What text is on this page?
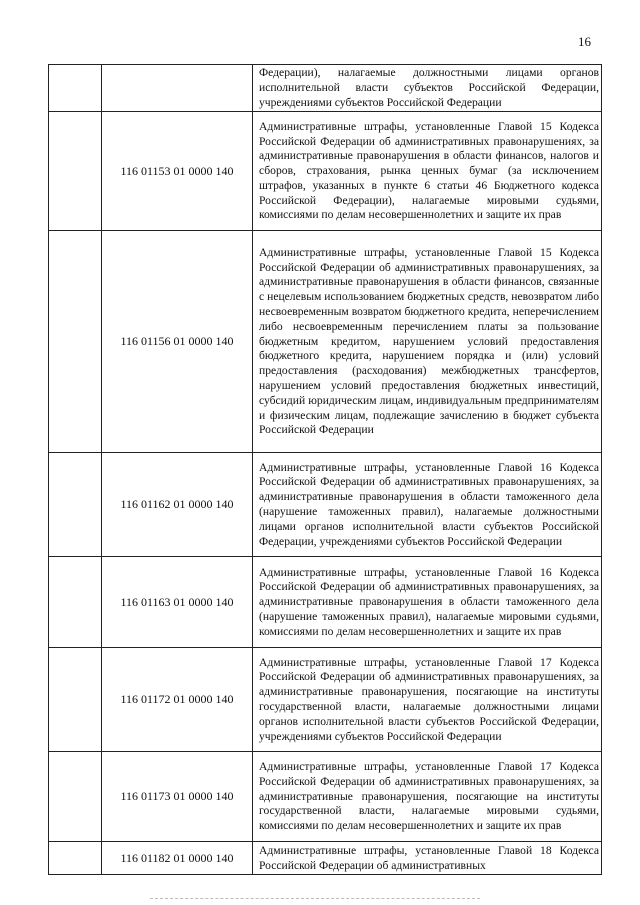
16
		Федерации), налагаемые должностными лицами органов исполнительной власти субъектов Российской Федерации, учреждениями субъектов Российской Федерации
	116 01153 01 0000 140	Административные штрафы, установленные Главой 15 Кодекса Российской Федерации об административных правонарушениях, за административные правонарушения в области финансов, налогов и сборов, страхования, рынка ценных бумаг (за исключением штрафов, указанных в пункте 6 статьи 46 Бюджетного кодекса Российской Федерации), налагаемые мировыми судьями, комиссиями по делам несовершеннолетних и защите их прав
	116 01156 01 0000 140	Административные штрафы, установленные Главой 15 Кодекса Российской Федерации об административных правонарушениях, за административные правонарушения в области финансов, связанные с нецелевым использованием бюджетных средств, невозвратом либо несвоевременным возвратом бюджетного кредита, неперечислением либо несвоевременным перечислением платы за пользование бюджетным кредитом, нарушением условий предоставления бюджетного кредита, нарушением порядка и (или) условий предоставления (расходования) межбюджетных трансфертов, нарушением условий предоставления бюджетных инвестиций, субсидий юридическим лицам, индивидуальным предпринимателям и физическим лицам, подлежащие зачислению в бюджет субъекта Российской Федерации
	116 01162 01 0000 140	Административные штрафы, установленные Главой 16 Кодекса Российской Федерации об административных правонарушениях, за административные правонарушения в области таможенного дела (нарушение таможенных правил), налагаемые должностными лицами органов исполнительной власти субъектов Российской Федерации, учреждениями субъектов Российской Федерации
	116 01163 01 0000 140	Административные штрафы, установленные Главой 16 Кодекса Российской Федерации об административных правонарушениях, за административные правонарушения в области таможенного дела (нарушение таможенных правил), налагаемые мировыми судьями, комиссиями по делам несовершеннолетних и защите их прав
	116 01172 01 0000 140	Административные штрафы, установленные Главой 17 Кодекса Российской Федерации об административных правонарушениях, за административные правонарушения, посягающие на институты государственной власти, налагаемые должностными лицами органов исполнительной власти субъектов Российской Федерации, учреждениями субъектов Российской Федерации
	116 01173 01 0000 140	Административные штрафы, установленные Главой 17 Кодекса Российской Федерации об административных правонарушениях, за административные правонарушения, посягающие на институты государственной власти, налагаемые мировыми судьями, комиссиями по делам несовершеннолетних и защите их прав
	116 01182 01 0000 140	Административные штрафы, установленные Главой 18 Кодекса Российской Федерации об административных
